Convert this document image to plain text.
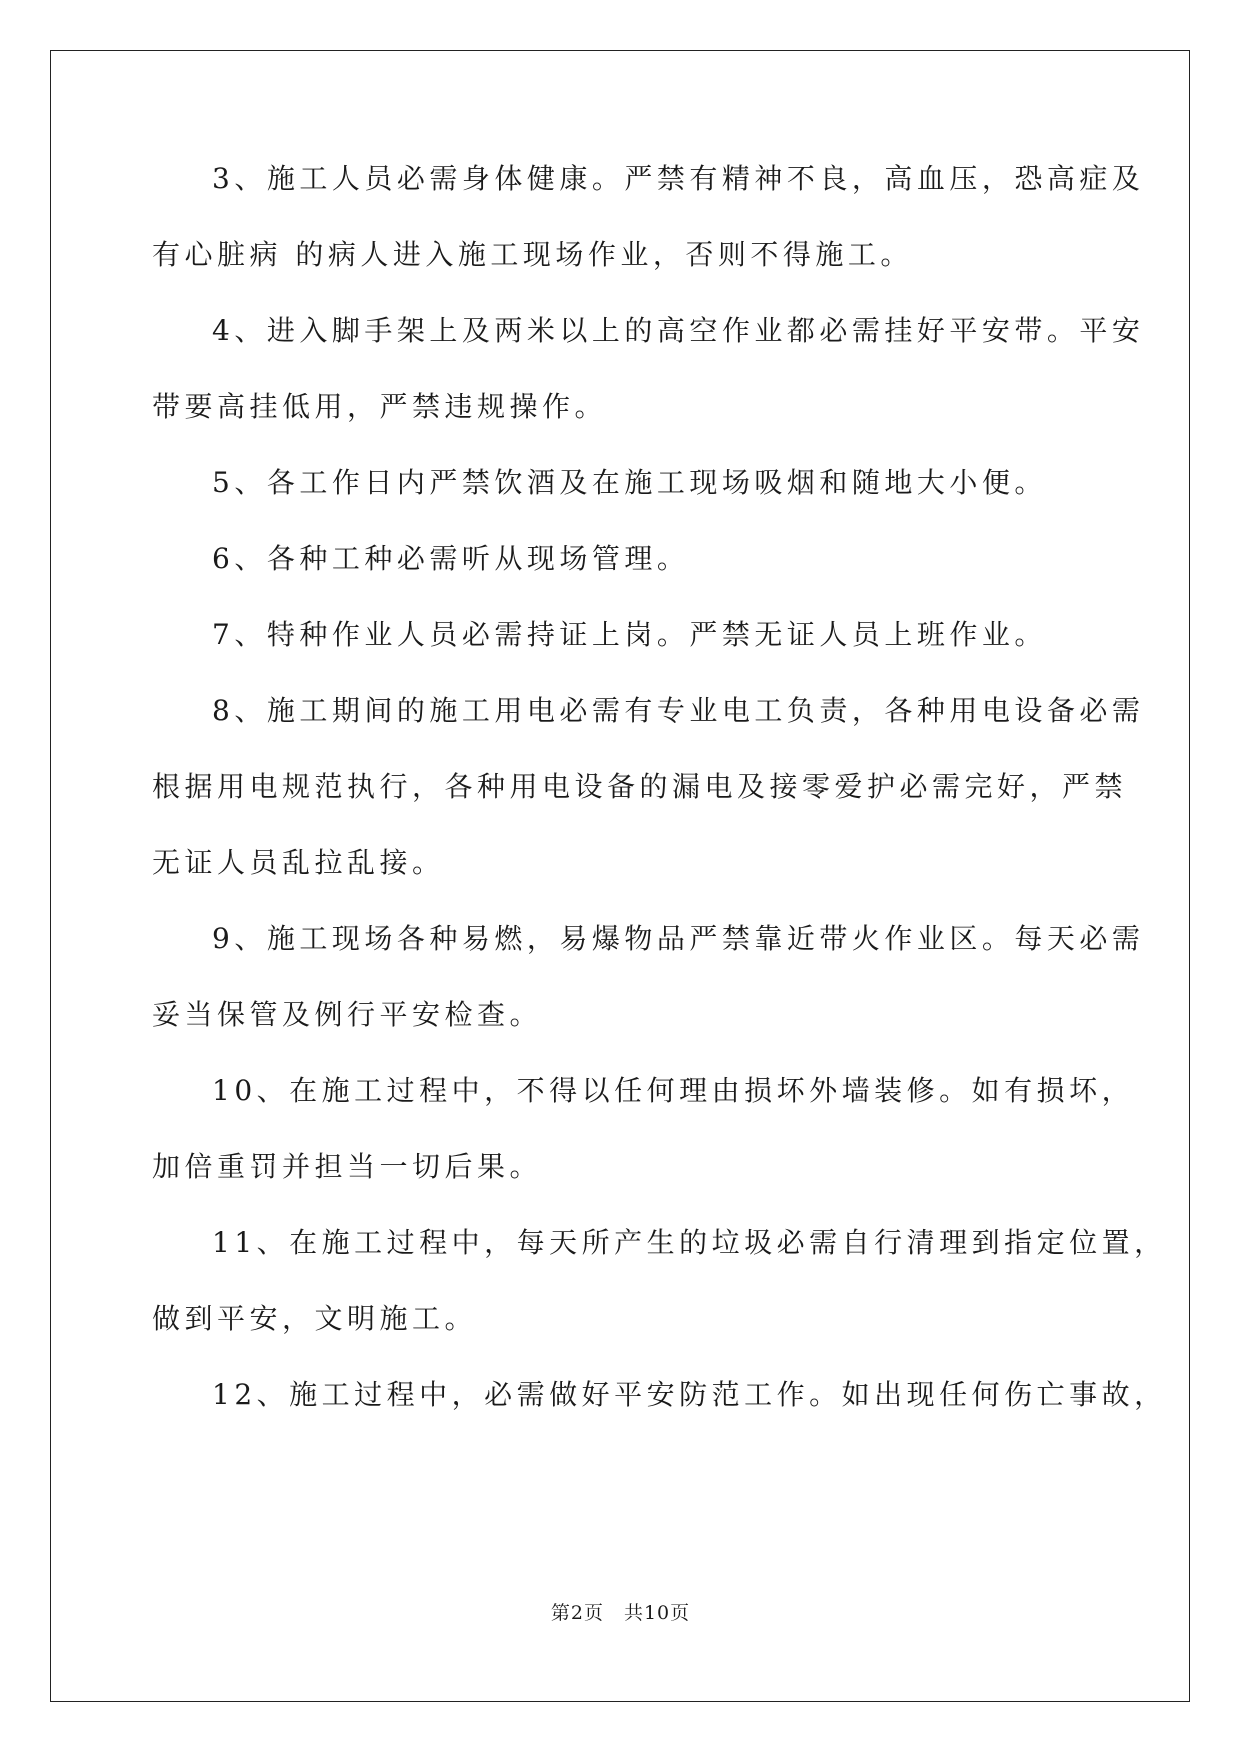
3、施工人员必需身体健康。严禁有精神不良，高血压，恐高症及
有心脏病 的病人进入施工现场作业，否则不得施工。
4、进入脚手架上及两米以上的高空作业都必需挂好平安带。平安
带要高挂低用，严禁违规操作。
5、各工作日内严禁饮酒及在施工现场吸烟和随地大小便。
6、各种工种必需听从现场管理。
7、特种作业人员必需持证上岗。严禁无证人员上班作业。
8、施工期间的施工用电必需有专业电工负责，各种用电设备必需
根据用电规范执行，各种用电设备的漏电及接零爱护必需完好，严禁
无证人员乱拉乱接。
9、施工现场各种易燃，易爆物品严禁靠近带火作业区。每天必需
妥当保管及例行平安检查。
10、在施工过程中，不得以任何理由损坏外墙装修。如有损坏，
加倍重罚并担当一切后果。
11、在施工过程中，每天所产生的垃圾必需自行清理到指定位置，
做到平安，文明施工。
12、施工过程中，必需做好平安防范工作。如出现任何伤亡事故，
第2页 共10页
